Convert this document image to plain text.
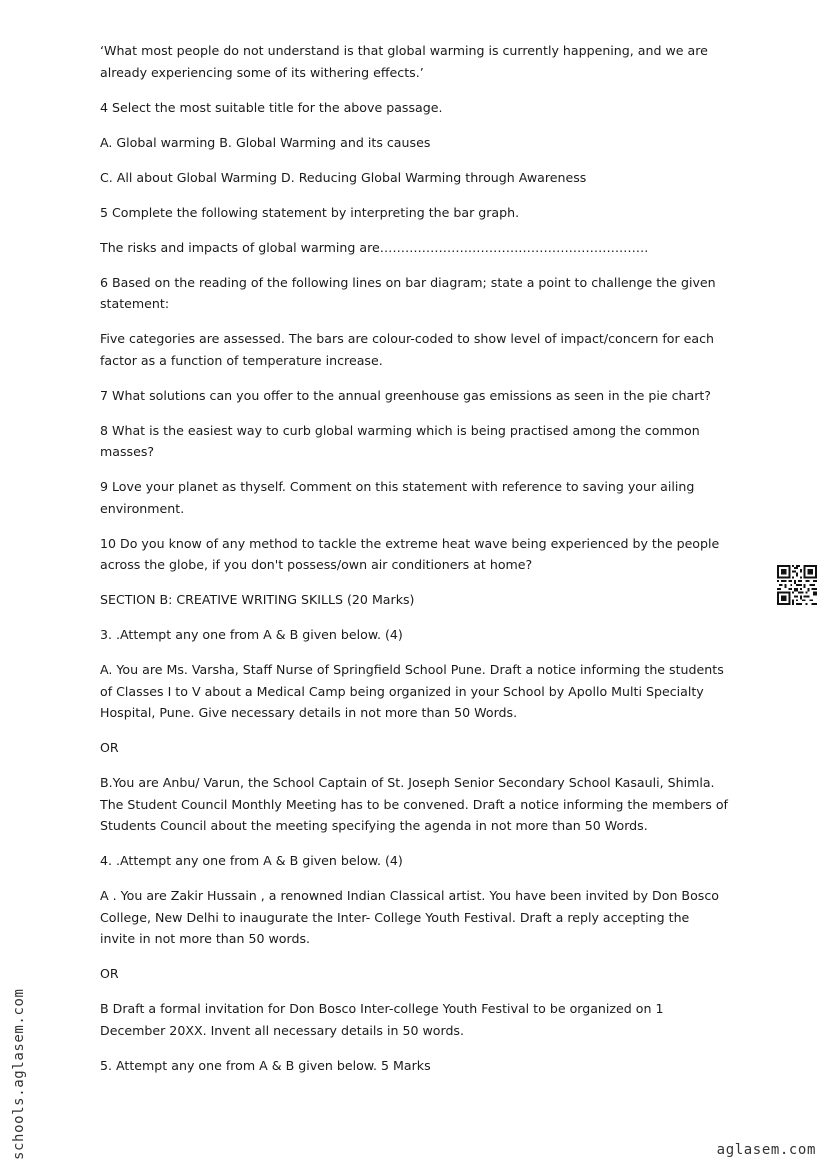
‘What most people do not understand is that global warming is currently happening, and we are already experiencing some of its withering effects.’

4 Select the most suitable title for the above passage.

A. Global warming B. Global Warming and its causes

C. All about Global Warming D. Reducing Global Warming through Awareness

5 Complete the following statement by interpreting the bar graph.

The risks and impacts of global warming are……………………………………………………….

6 Based on the reading of the following lines on bar diagram; state a point to challenge the given statement:

Five categories are assessed. The bars are colour-coded to show level of impact/concern for each factor as a function of temperature increase.

7 What solutions can you offer to the annual greenhouse gas emissions as seen in the pie chart?

8 What is the easiest way to curb global warming which is being practised among the common masses?

9 Love your planet as thyself. Comment on this statement with reference to saving your ailing environment.

10 Do you know of any method to tackle the extreme heat wave being experienced by the people across the globe, if you don't possess/own air conditioners at home?

SECTION B: CREATIVE WRITING SKILLS (20 Marks)

3. .Attempt any one from A & B given below. (4)

A. You are Ms. Varsha, Staff Nurse of Springfield School Pune. Draft a notice informing the students of Classes I to V about a Medical Camp being organized in your School by Apollo Multi Specialty Hospital, Pune. Give necessary details in not more than 50 Words.

OR

B.You are Anbu/ Varun, the School Captain of St. Joseph Senior Secondary School Kasauli, Shimla. The Student Council Monthly Meeting has to be convened. Draft a notice informing the members of Students Council about the meeting specifying the agenda in not more than 50 Words.

4. .Attempt any one from A & B given below. (4)

A . You are Zakir Hussain , a renowned Indian Classical artist. You have been invited by Don Bosco College, New Delhi to inaugurate the Inter- College Youth Festival. Draft a reply accepting the invite in not more than 50 words.

OR

B Draft a formal invitation for Don Bosco Inter-college Youth Festival to be organized on 1 December 20XX. Invent all necessary details in 50 words.

5. Attempt any one from A & B given below. 5 Marks

schools.aglasem.com	aglasem.com
